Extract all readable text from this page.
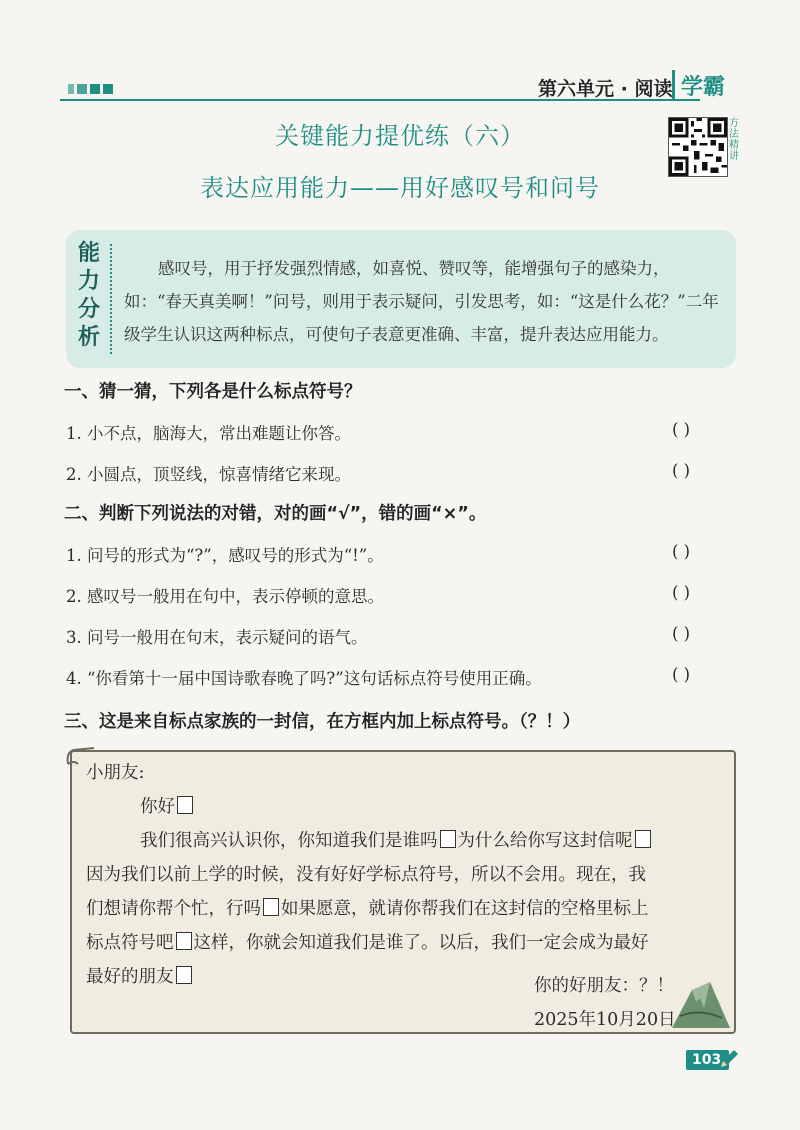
第六单元 · 阅读 学霸
关键能力提优练（六）
表达应用能力——用好感叹号和问号
方法精讲
能
力
分
析
感叹号，用于抒发强烈情感，如喜悦、赞叹等，能增强句子的感染力，如：“春天真美啊！”问号，则用于表示疑问，引发思考，如：“这是什么花？”二年级学生认识这两种标点，可使句子表意更准确、丰富，提升表达应用能力。
一、猜一猜，下列各是什么标点符号？
1. 小不点，脑海大，常出难题让你答。	( )
2. 小圆点，顶竖线，惊喜情绪它来现。	( )
二、判断下列说法的对错，对的画“√”，错的画“×”。
1. 问号的形式为“?”，感叹号的形式为“!”。	( )
2. 感叹号一般用在句中，表示停顿的意思。	( )
3. 问号一般用在句末，表示疑问的语气。	( )
4. “你看第十一届中国诗歌春晚了吗?”这句话标点符号使用正确。	( )
三、这是来自标点家族的一封信，在方框内加上标点符号。（？！）
小朋友:
你好
我们很高兴认识你，你知道我们是谁吗 为什么给你写这封信呢
因为我们以前上学的时候，没有好好学标点符号，所以不会用。现在，我
们想请你帮个忙，行吗 如果愿意，就请你帮我们在这封信的空格里标上
标点符号吧 这样，你就会知道我们是谁了。以后，我们一定会成为最好
最好的朋友	你的好朋友：？！
2025年10月20日
103
